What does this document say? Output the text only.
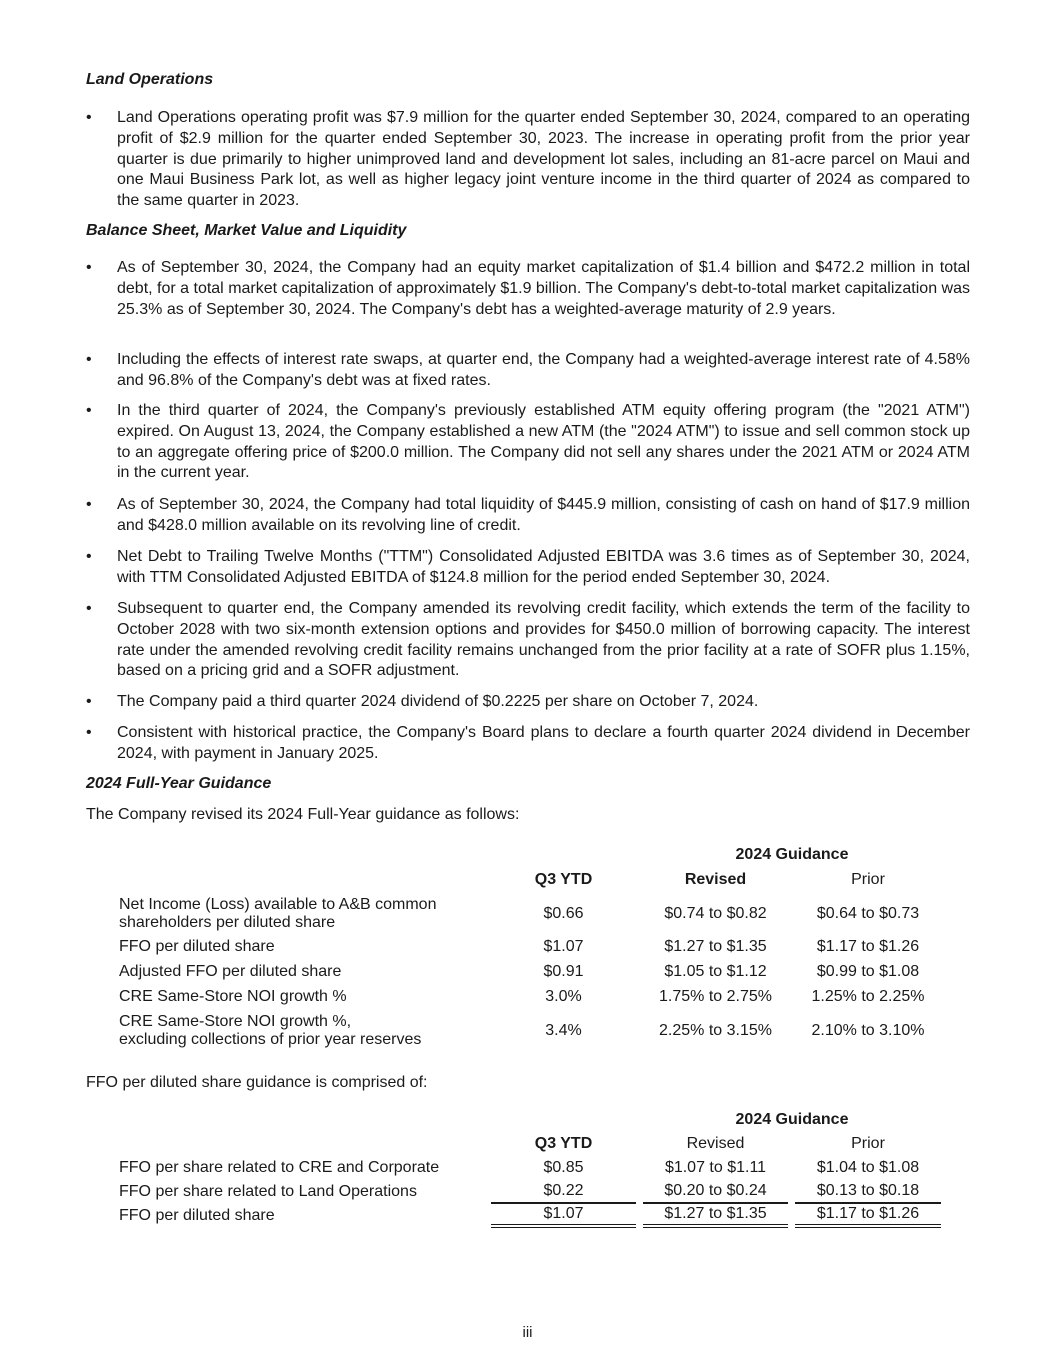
Land Operations
•	Land Operations operating profit was $7.9 million for the quarter ended September 30, 2024, compared to an operating profit of $2.9 million for the quarter ended September 30, 2023. The increase in operating profit from the prior year quarter is due primarily to higher unimproved land and development lot sales, including an 81-acre parcel on Maui and one Maui Business Park lot, as well as higher legacy joint venture income in the third quarter of 2024 as compared to the same quarter in 2023.
Balance Sheet, Market Value and Liquidity
•	As of September 30, 2024, the Company had an equity market capitalization of $1.4 billion and $472.2 million in total debt, for a total market capitalization of approximately $1.9 billion. The Company's debt-to-total market capitalization was 25.3% as of September 30, 2024. The Company's debt has a weighted-average maturity of 2.9 years.
•	Including the effects of interest rate swaps, at quarter end, the Company had a weighted-average interest rate of 4.58% and 96.8% of the Company's debt was at fixed rates.
•	In the third quarter of 2024, the Company's previously established ATM equity offering program (the "2021 ATM") expired. On August 13, 2024, the Company established a new ATM (the "2024 ATM") to issue and sell common stock up to an aggregate offering price of $200.0 million. The Company did not sell any shares under the 2021 ATM or 2024 ATM in the current year.
•	As of September 30, 2024, the Company had total liquidity of $445.9 million, consisting of cash on hand of $17.9 million and $428.0 million available on its revolving line of credit.
•	Net Debt to Trailing Twelve Months ("TTM") Consolidated Adjusted EBITDA was 3.6 times as of September 30, 2024, with TTM Consolidated Adjusted EBITDA of $124.8 million for the period ended September 30, 2024.
•	Subsequent to quarter end, the Company amended its revolving credit facility, which extends the term of the facility to October 2028 with two six-month extension options and provides for $450.0 million of borrowing capacity. The interest rate under the amended revolving credit facility remains unchanged from the prior facility at a rate of SOFR plus 1.15%, based on a pricing grid and a SOFR adjustment.
•	The Company paid a third quarter 2024 dividend of $0.2225 per share on October 7, 2024.
•	Consistent with historical practice, the Company's Board plans to declare a fourth quarter 2024 dividend in December 2024, with payment in January 2025.
2024 Full-Year Guidance
The Company revised its 2024 Full-Year guidance as follows:
			2024 Guidance		
	Q3 YTD		Revised		Prior

Net Income (Loss) available to A&B common
shareholders per diluted share	$0.66		$0.74 to $0.82		$0.64 to $0.73
FFO per diluted share	$1.07		$1.27 to $1.35		$1.17 to $1.26
Adjusted FFO per diluted share	$0.91		$1.05 to $1.12		$0.99 to $1.08
CRE Same-Store NOI growth %	3.0%		1.75% to 2.75%		1.25% to 2.25%

CRE Same-Store NOI growth %,
excluding collections of prior year reserves	3.4%		2.25% to 3.15%		2.10% to 3.10%
FFO per diluted share guidance is comprised of:
			2024 Guidance		
	Q3 YTD		Revised		Prior
FFO per share related to CRE and Corporate	$0.85		$1.07 to $1.11		$1.04 to $1.08
FFO per share related to Land Operations	$0.22		$0.20 to $0.24		$0.13 to $0.18
FFO per diluted share	$1.07		$1.27 to $1.35		$1.17 to $1.26
iii
